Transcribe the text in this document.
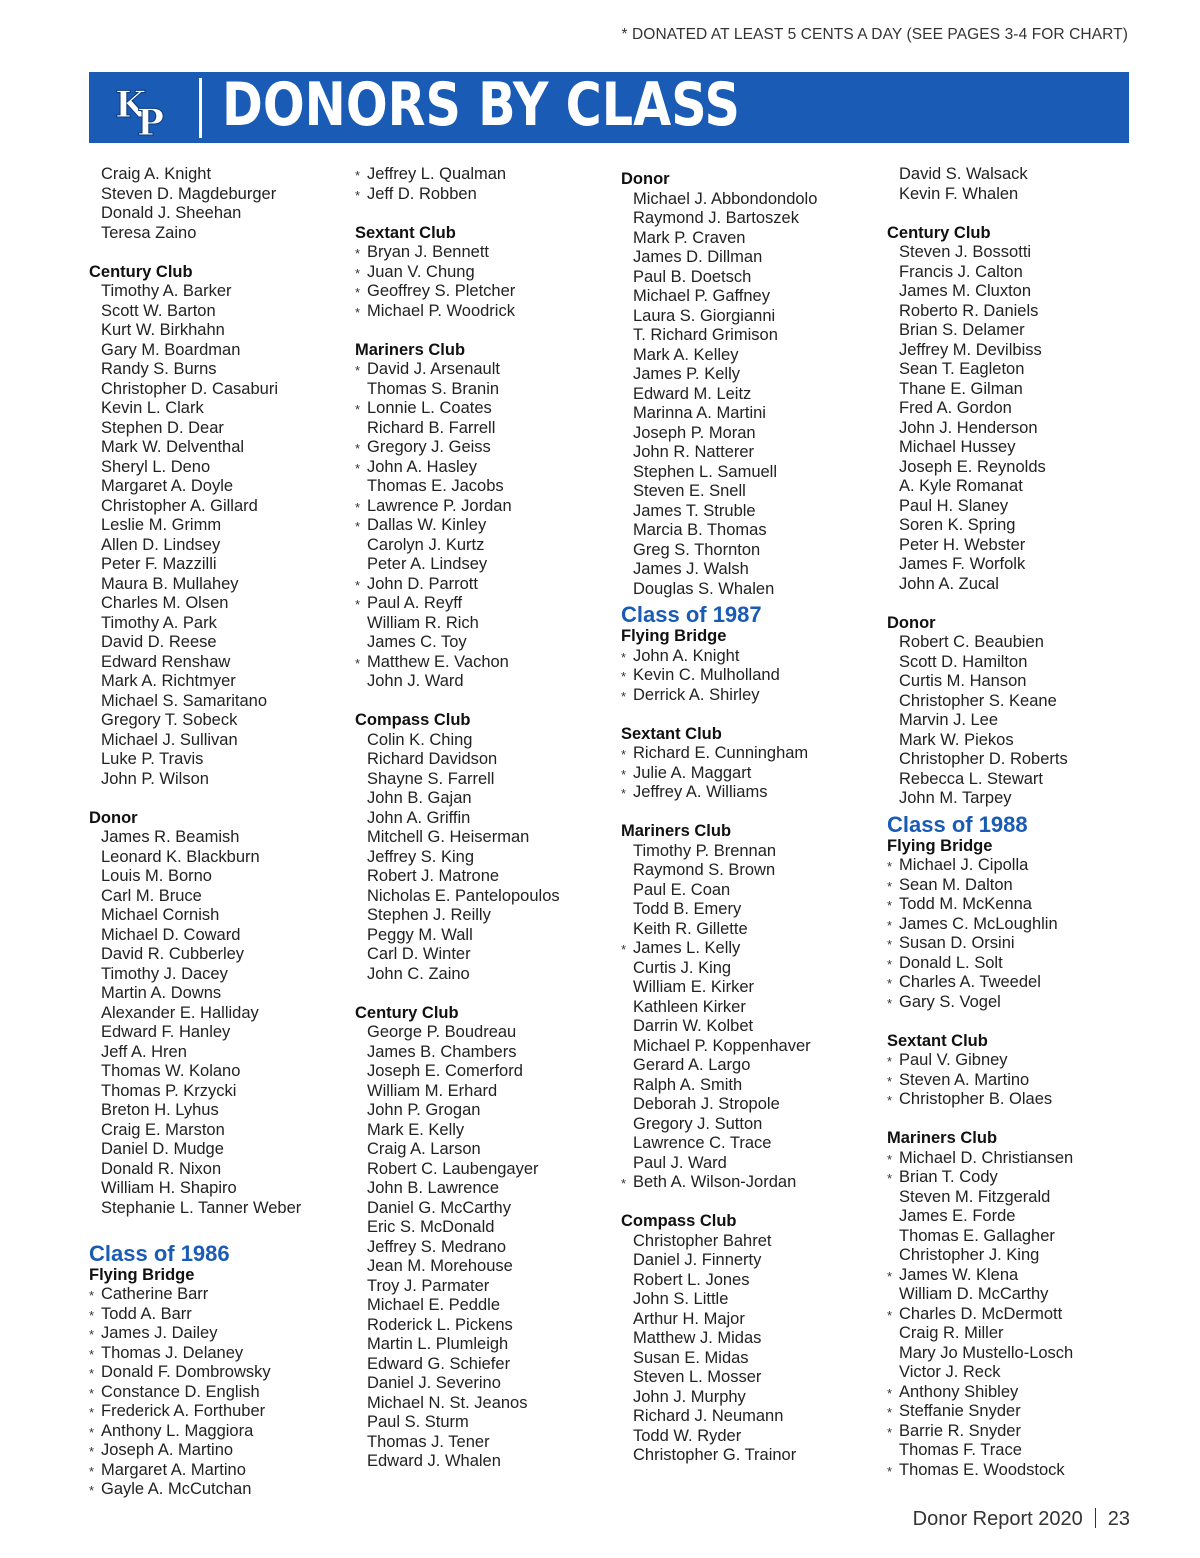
* DONATED AT LEAST 5 CENTS A DAY (SEE PAGES 3-4 FOR CHART)
K
P DONORS BY CLASS
Craig A. Knight
Steven D. Magdeburger
Donald J. Sheehan
Teresa Zaino
Century Club
Timothy A. Barker
Scott W. Barton
Kurt W. Birkhahn
Gary M. Boardman
Randy S. Burns
Christopher D. Casaburi
Kevin L. Clark
Stephen D. Dear
Mark W. Delventhal
Sheryl L. Deno
Margaret A. Doyle
Christopher A. Gillard
Leslie M. Grimm
Allen D. Lindsey
Peter F. Mazzilli
Maura B. Mullahey
Charles M. Olsen
Timothy A. Park
David D. Reese
Edward Renshaw
Mark A. Richtmyer
Michael S. Samaritano
Gregory T. Sobeck
Michael J. Sullivan
Luke P. Travis
John P. Wilson
Donor
James R. Beamish
Leonard K. Blackburn
Louis M. Borno
Carl M. Bruce
Michael Cornish
Michael D. Coward
David R. Cubberley
Timothy J. Dacey
Martin A. Downs
Alexander E. Halliday
Edward F. Hanley
Jeff A. Hren
Thomas W. Kolano
Thomas P. Krzycki
Breton H. Lyhus
Craig E. Marston
Daniel D. Mudge
Donald R. Nixon
William H. Shapiro
Stephanie L. Tanner Weber
Class of 1986
Flying Bridge
* Catherine Barr
* Todd A. Barr
* James J. Dailey
* Thomas J. Delaney
* Donald F. Dombrowsky
* Constance D. English
* Frederick A. Forthuber
* Anthony L. Maggiora
* Joseph A. Martino
* Margaret A. Martino
* Gayle A. McCutchan
* Jeffrey L. Qualman
* Jeff D. Robben
Sextant Club
* Bryan J. Bennett
* Juan V. Chung
* Geoffrey S. Pletcher
* Michael P. Woodrick
Mariners Club
* David J. Arsenault
Thomas S. Branin
* Lonnie L. Coates
Richard B. Farrell
* Gregory J. Geiss
* John A. Hasley
Thomas E. Jacobs
* Lawrence P. Jordan
* Dallas W. Kinley
Carolyn J. Kurtz
Peter A. Lindsey
* John D. Parrott
* Paul A. Reyff
William R. Rich
James C. Toy
* Matthew E. Vachon
John J. Ward
Compass Club
Colin K. Ching
Richard Davidson
Shayne S. Farrell
John B. Gajan
John A. Griffin
Mitchell G. Heiserman
Jeffrey S. King
Robert J. Matrone
Nicholas E. Pantelopoulos
Stephen J. Reilly
Peggy M. Wall
Carl D. Winter
John C. Zaino
Century Club
George P. Boudreau
James B. Chambers
Joseph E. Comerford
William M. Erhard
John P. Grogan
Mark E. Kelly
Craig A. Larson
Robert C. Laubengayer
John B. Lawrence
Daniel G. McCarthy
Eric S. McDonald
Jeffrey S. Medrano
Jean M. Morehouse
Troy J. Parmater
Michael E. Peddle
Roderick L. Pickens
Martin L. Plumleigh
Edward G. Schiefer
Daniel J. Severino
Michael N. St. Jeanos
Paul S. Sturm
Thomas J. Tener
Edward J. Whalen
Donor
Michael J. Abbondondolo
Raymond J. Bartoszek
Mark P. Craven
James D. Dillman
Paul B. Doetsch
Michael P. Gaffney
Laura S. Giorgianni
T. Richard Grimison
Mark A. Kelley
James P. Kelly
Edward M. Leitz
Marinna A. Martini
Joseph P. Moran
John R. Natterer
Stephen L. Samuell
Steven E. Snell
James T. Struble
Marcia B. Thomas
Greg S. Thornton
James J. Walsh
Douglas S. Whalen
Class of 1987
Flying Bridge
* John A. Knight
* Kevin C. Mulholland
* Derrick A. Shirley
Sextant Club
* Richard E. Cunningham
* Julie A. Maggart
* Jeffrey A. Williams
Mariners Club
Timothy P. Brennan
Raymond S. Brown
Paul E. Coan
Todd B. Emery
Keith R. Gillette
* James L. Kelly
Curtis J. King
William E. Kirker
Kathleen Kirker
Darrin W. Kolbet
Michael P. Koppenhaver
Gerard A. Largo
Ralph A. Smith
Deborah J. Stropole
Gregory J. Sutton
Lawrence C. Trace
Paul J. Ward
* Beth A. Wilson-Jordan
Compass Club
Christopher Bahret
Daniel J. Finnerty
Robert L. Jones
John S. Little
Arthur H. Major
Matthew J. Midas
Susan E. Midas
Steven L. Mosser
John J. Murphy
Richard J. Neumann
Todd W. Ryder
Christopher G. Trainor
David S. Walsack
Kevin F. Whalen
Century Club
Steven J. Bossotti
Francis J. Calton
James M. Cluxton
Roberto R. Daniels
Brian S. Delamer
Jeffrey M. Devilbiss
Sean T. Eagleton
Thane E. Gilman
Fred A. Gordon
John J. Henderson
Michael Hussey
Joseph E. Reynolds
A. Kyle Romanat
Paul H. Slaney
Soren K. Spring
Peter H. Webster
James F. Worfolk
John A. Zucal
Donor
Robert C. Beaubien
Scott D. Hamilton
Curtis M. Hanson
Christopher S. Keane
Marvin J. Lee
Mark W. Piekos
Christopher D. Roberts
Rebecca L. Stewart
John M. Tarpey
Class of 1988
Flying Bridge
* Michael J. Cipolla
* Sean M. Dalton
* Todd M. McKenna
* James C. McLoughlin
* Susan D. Orsini
* Donald L. Solt
* Charles A. Tweedel
* Gary S. Vogel
Sextant Club
* Paul V. Gibney
* Steven A. Martino
* Christopher B. Olaes
Mariners Club
* Michael D. Christiansen
* Brian T. Cody
Steven M. Fitzgerald
James E. Forde
Thomas E. Gallagher
Christopher J. King
* James W. Klena
William D. McCarthy
* Charles D. McDermott
Craig R. Miller
Mary Jo Mustello-Losch
Victor J. Reck
* Anthony Shibley
* Steffanie Snyder
* Barrie R. Snyder
Thomas F. Trace
* Thomas E. Woodstock
Donor Report 2020 23
